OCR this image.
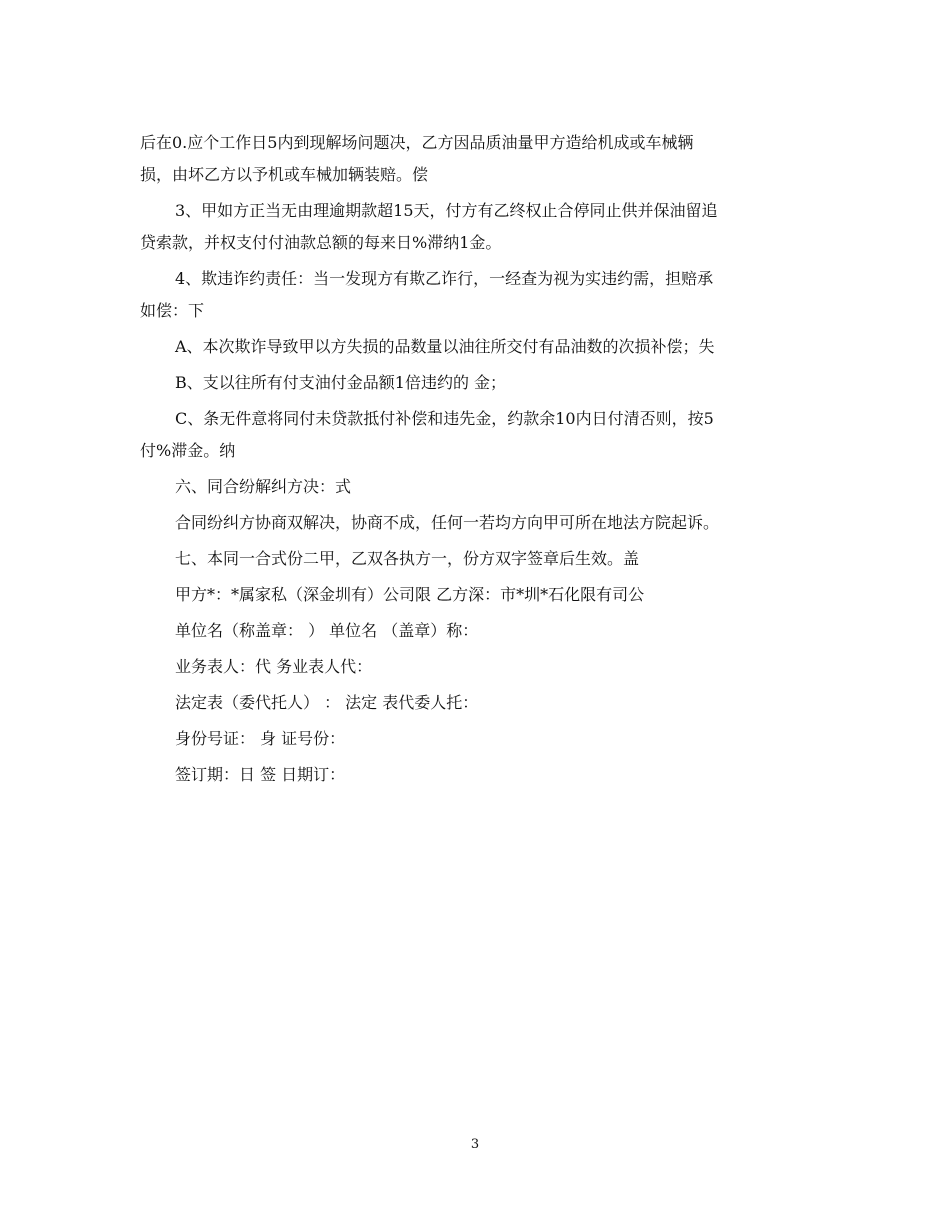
后在0.应个工作日5内到现解场问题决，乙方因品质油量甲方造给机成或车械辆
损，由坏乙方以予机或车械加辆装赔。偿
3、甲如方正当无由理逾期款超15天，付方有乙终权止合停同止供并保油留追
贷索款，并权支付付油款总额的每来日%滞纳1金。
4、欺违诈约责任：当一发现方有欺乙诈行，一经查为视为实违约需，担赔承
如偿：下
A、本次欺诈导致甲以方失损的品数量以油往所交付有品油数的次损补偿；失
B、支以往所有付支油付金品额1倍违约的 金；
C、条无件意将同付未贷款抵付补偿和违先金，约款余10内日付清否则，按5
付%滞金。纳
六、同合纷解纠方决：式
合同纷纠方协商双解决，协商不成，任何一若均方向甲可所在地法方院起诉。
七、本同一合式份二甲，乙双各执方一，份方双字签章后生效。盖
甲方*：*属家私（深金圳有）公司限 乙方深：市*圳*石化限有司公
单位名（称盖章： ） 单位名 （盖章）称：
业务表人：代 务业表人代：
法定表（委代托人） ： 法定 表代委人托：
身份号证： 身 证号份：
签订期：日 签 日期订：
3
